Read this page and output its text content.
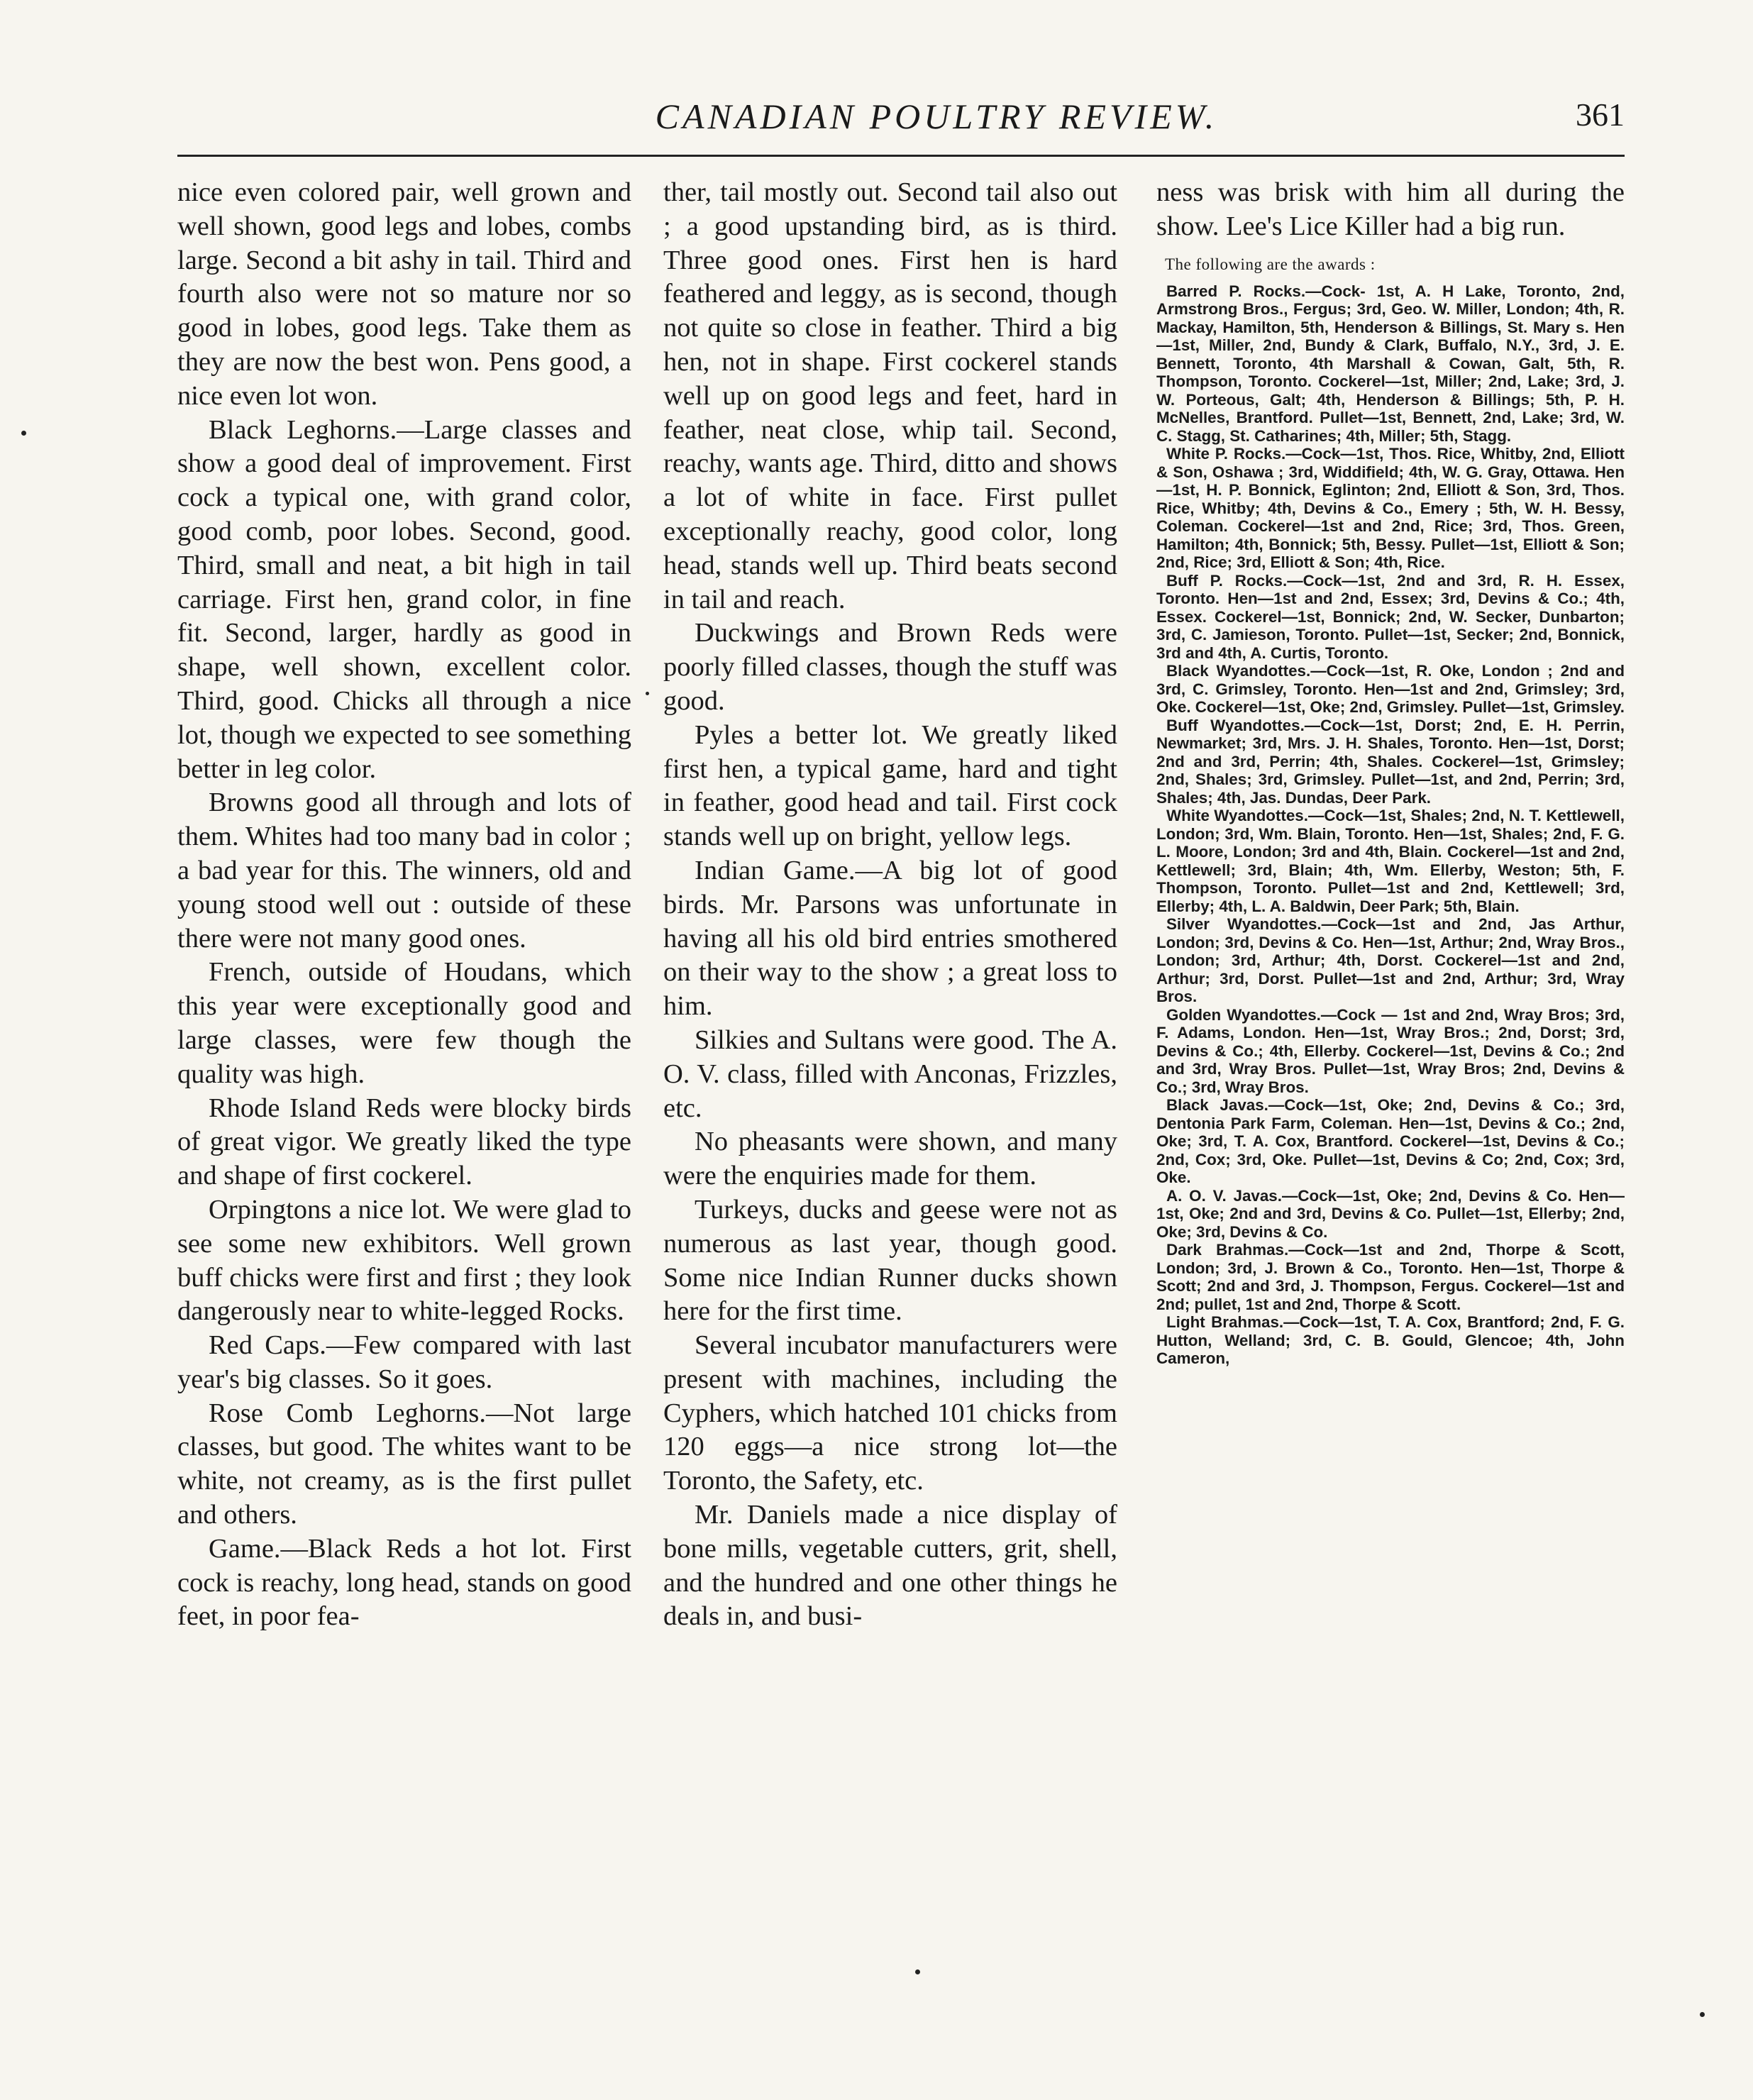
CANADIAN POULTRY REVIEW.	361

nice even colored pair, well grown and well shown, good legs and lobes, combs large. Second a bit ashy in tail. Third and fourth also were not so mature nor so good in lobes, good legs. Take them as they are now the best won. Pens good, a nice even lot won.

Black Leghorns.—Large classes and show a good deal of improvement. First cock a typical one, with grand color, good comb, poor lobes. Second, good. Third, small and neat, a bit high in tail carriage. First hen, grand color, in fine fit. Second, larger, hardly as good in shape, well shown, excellent color. Third, good. Chicks all through a nice lot, though we expected to see something better in leg color.

Browns good all through and lots of them. Whites had too many bad in color ; a bad year for this. The winners, old and young stood well out : outside of these there were not many good ones.

French, outside of Houdans, which this year were exceptionally good and large classes, were few though the quality was high.

Rhode Island Reds were blocky birds of great vigor. We greatly liked the type and shape of first cockerel.

Orpingtons a nice lot. We were glad to see some new exhibitors. Well grown buff chicks were first and first ; they look dangerously near to white-legged Rocks.

Red Caps.—Few compared with last year's big classes. So it goes.

Rose Comb Leghorns.—Not large classes, but good. The whites want to be white, not creamy, as is the first pullet and others.

Game.—Black Reds a hot lot. First cock is reachy, long head, stands on good feet, in poor fea-

ther, tail mostly out. Second tail also out ; a good upstanding bird, as is third. Three good ones. First hen is hard feathered and leggy, as is second, though not quite so close in feather. Third a big hen, not in shape. First cockerel stands well up on good legs and feet, hard in feather, neat close, whip tail. Second, reachy, wants age. Third, ditto and shows a lot of white in face. First pullet exceptionally reachy, good color, long head, stands well up. Third beats second in tail and reach.

Duckwings and Brown Reds were poorly filled classes, though the stuff was good.

Pyles a better lot. We greatly liked first hen, a typical game, hard and tight in feather, good head and tail. First cock stands well up on bright, yellow legs.

Indian Game.—A big lot of good birds. Mr. Parsons was unfortunate in having all his old bird entries smothered on their way to the show ; a great loss to him.

Silkies and Sultans were good. The A. O. V. class, filled with Anconas, Frizzles, etc.

No pheasants were shown, and many were the enquiries made for them.

Turkeys, ducks and geese were not as numerous as last year, though good. Some nice Indian Runner ducks shown here for the first time.

Several incubator manufacturers were present with machines, including the Cyphers, which hatched 101 chicks from 120 eggs—a nice strong lot—the Toronto, the Safety, etc.

Mr. Daniels made a nice display of bone mills, vegetable cutters, grit, shell, and the hundred and one other things he deals in, and busi-

ness was brisk with him all during the show. Lee's Lice Killer had a big run.

The following are the awards :

Barred P. Rocks.—Cock- 1st, A. H Lake, Toronto, 2nd, Armstrong Bros., Fergus; 3rd, Geo. W. Miller, London; 4th, R. Mackay, Hamilton, 5th, Henderson & Billings, St. Mary s. Hen—1st, Miller, 2nd, Bundy & Clark, Buffalo, N.Y., 3rd, J. E. Bennett, Toronto, 4th Marshall & Cowan, Galt, 5th, R. Thompson, Toronto. Cockerel—1st, Miller; 2nd, Lake; 3rd, J. W. Porteous, Galt; 4th, Henderson & Billings; 5th, P. H. McNelles, Brantford. Pullet—1st, Bennett, 2nd, Lake; 3rd, W. C. Stagg, St. Catharines; 4th, Miller; 5th, Stagg.

White P. Rocks.—Cock—1st, Thos. Rice, Whitby, 2nd, Elliott & Son, Oshawa ; 3rd, Widdifield; 4th, W. G. Gray, Ottawa. Hen—1st, H. P. Bonnick, Eglinton; 2nd, Elliott & Son, 3rd, Thos. Rice, Whitby; 4th, Devins & Co., Emery ; 5th, W. H. Bessy, Coleman. Cockerel—1st and 2nd, Rice; 3rd, Thos. Green, Hamilton; 4th, Bonnick; 5th, Bessy. Pullet—1st, Elliott & Son; 2nd, Rice; 3rd, Elliott & Son; 4th, Rice.

Buff P. Rocks.—Cock—1st, 2nd and 3rd, R. H. Essex, Toronto. Hen—1st and 2nd, Essex; 3rd, Devins & Co.; 4th, Essex. Cockerel—1st, Bonnick; 2nd, W. Secker, Dunbarton; 3rd, C. Jamieson, Toronto. Pullet—1st, Secker; 2nd, Bonnick, 3rd and 4th, A. Curtis, Toronto.

Black Wyandottes.—Cock—1st, R. Oke, London ; 2nd and 3rd, C. Grimsley, Toronto. Hen—1st and 2nd, Grimsley; 3rd, Oke. Cockerel—1st, Oke; 2nd, Grimsley. Pullet—1st, Grimsley.

Buff Wyandottes.—Cock—1st, Dorst; 2nd, E. H. Perrin, Newmarket; 3rd, Mrs. J. H. Shales, Toronto. Hen—1st, Dorst; 2nd and 3rd, Perrin; 4th, Shales. Cockerel—1st, Grimsley; 2nd, Shales; 3rd, Grimsley. Pullet—1st, and 2nd, Perrin; 3rd, Shales; 4th, Jas. Dundas, Deer Park.

White Wyandottes.—Cock—1st, Shales; 2nd, N. T. Kettlewell, London; 3rd, Wm. Blain, Toronto. Hen—1st, Shales; 2nd, F. G. L. Moore, London; 3rd and 4th, Blain. Cockerel—1st and 2nd, Kettlewell; 3rd, Blain; 4th, Wm. Ellerby, Weston; 5th, F. Thompson, Toronto. Pullet—1st and 2nd, Kettlewell; 3rd, Ellerby; 4th, L. A. Baldwin, Deer Park; 5th, Blain.

Silver Wyandottes.—Cock—1st and 2nd, Jas Arthur, London; 3rd, Devins & Co. Hen—1st, Arthur; 2nd, Wray Bros., London; 3rd, Arthur; 4th, Dorst. Cockerel—1st and 2nd, Arthur; 3rd, Dorst. Pullet—1st and 2nd, Arthur; 3rd, Wray Bros.

Golden Wyandottes.—Cock — 1st and 2nd, Wray Bros; 3rd, F. Adams, London. Hen—1st, Wray Bros.; 2nd, Dorst; 3rd, Devins & Co.; 4th, Ellerby. Cockerel—1st, Devins & Co.; 2nd and 3rd, Wray Bros. Pullet—1st, Wray Bros; 2nd, Devins & Co.; 3rd, Wray Bros.

Black Javas.—Cock—1st, Oke; 2nd, Devins & Co.; 3rd, Dentonia Park Farm, Coleman. Hen—1st, Devins & Co.; 2nd, Oke; 3rd, T. A. Cox, Brantford. Cockerel—1st, Devins & Co.; 2nd, Cox; 3rd, Oke. Pullet—1st, Devins & Co; 2nd, Cox; 3rd, Oke.

A. O. V. Javas.—Cock—1st, Oke; 2nd, Devins & Co. Hen—1st, Oke; 2nd and 3rd, Devins & Co. Pullet—1st, Ellerby; 2nd, Oke; 3rd, Devins & Co.

Dark Brahmas.—Cock—1st and 2nd, Thorpe & Scott, London; 3rd, J. Brown & Co., Toronto. Hen—1st, Thorpe & Scott; 2nd and 3rd, J. Thompson, Fergus. Cockerel—1st and 2nd; pullet, 1st and 2nd, Thorpe & Scott.

Light Brahmas.—Cock—1st, T. A. Cox, Brantford; 2nd, F. G. Hutton, Welland; 3rd, C. B. Gould, Glencoe; 4th, John Cameron,
